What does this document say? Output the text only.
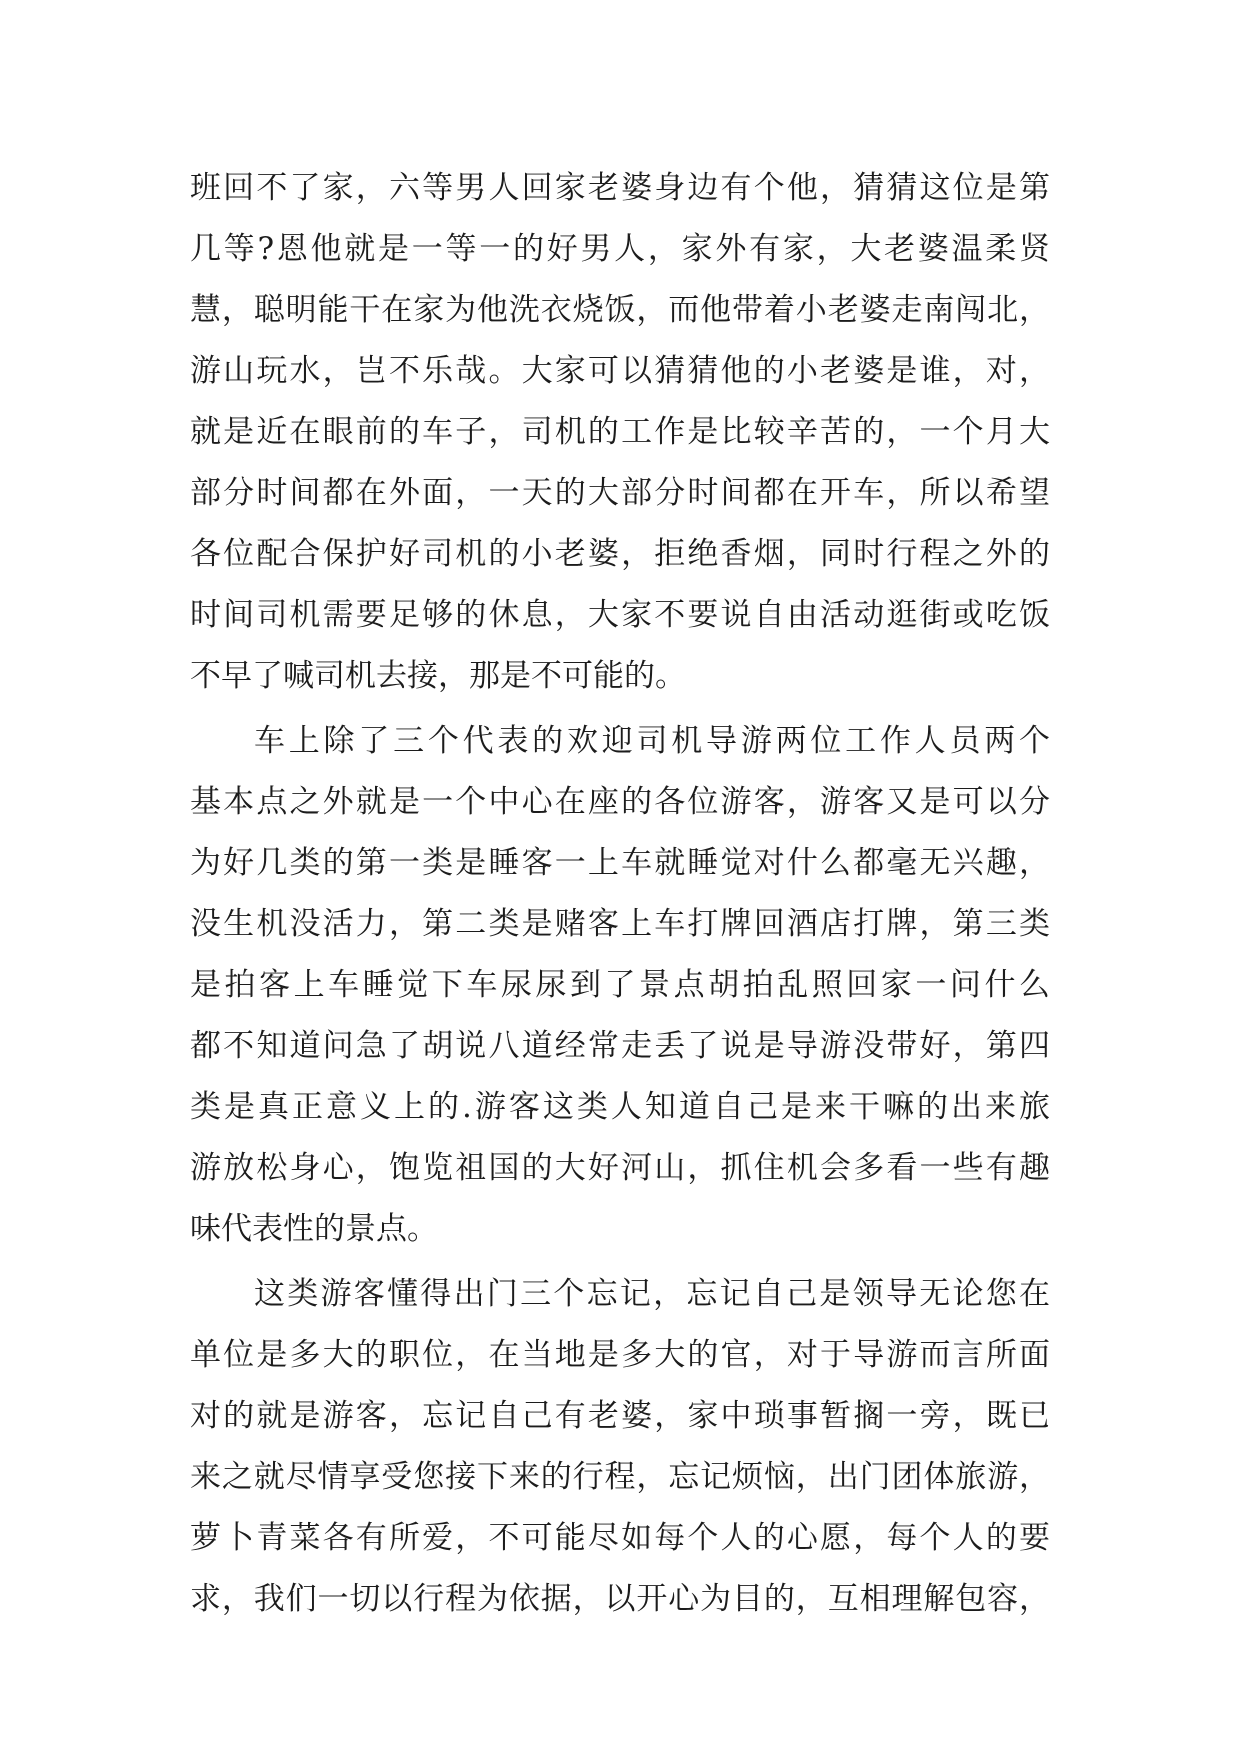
班回不了家，六等男人回家老婆身边有个他，猜猜这位是第
几等?恩他就是一等一的好男人，家外有家，大老婆温柔贤
慧，聪明能干在家为他洗衣烧饭，而他带着小老婆走南闯北，
游山玩水，岂不乐哉。大家可以猜猜他的小老婆是谁，对，
就是近在眼前的车子，司机的工作是比较辛苦的，一个月大
部分时间都在外面，一天的大部分时间都在开车，所以希望
各位配合保护好司机的小老婆，拒绝香烟，同时行程之外的
时间司机需要足够的休息，大家不要说自由活动逛街或吃饭
不早了喊司机去接，那是不可能的。
车上除了三个代表的欢迎司机导游两位工作人员两个
基本点之外就是一个中心在座的各位游客，游客又是可以分
为好几类的第一类是睡客一上车就睡觉对什么都毫无兴趣，
没生机没活力，第二类是赌客上车打牌回酒店打牌，第三类
是拍客上车睡觉下车尿尿到了景点胡拍乱照回家一问什么
都不知道问急了胡说八道经常走丢了说是导游没带好，第四
类是真正意义上的.游客这类人知道自己是来干嘛的出来旅
游放松身心，饱览祖国的大好河山，抓住机会多看一些有趣
味代表性的景点。
这类游客懂得出门三个忘记，忘记自己是领导无论您在
单位是多大的职位，在当地是多大的官，对于导游而言所面
对的就是游客，忘记自己有老婆，家中琐事暂搁一旁，既已
来之就尽情享受您接下来的行程，忘记烦恼，出门团体旅游，
萝卜青菜各有所爱，不可能尽如每个人的心愿，每个人的要
求，我们一切以行程为依据，以开心为目的，互相理解包容，
